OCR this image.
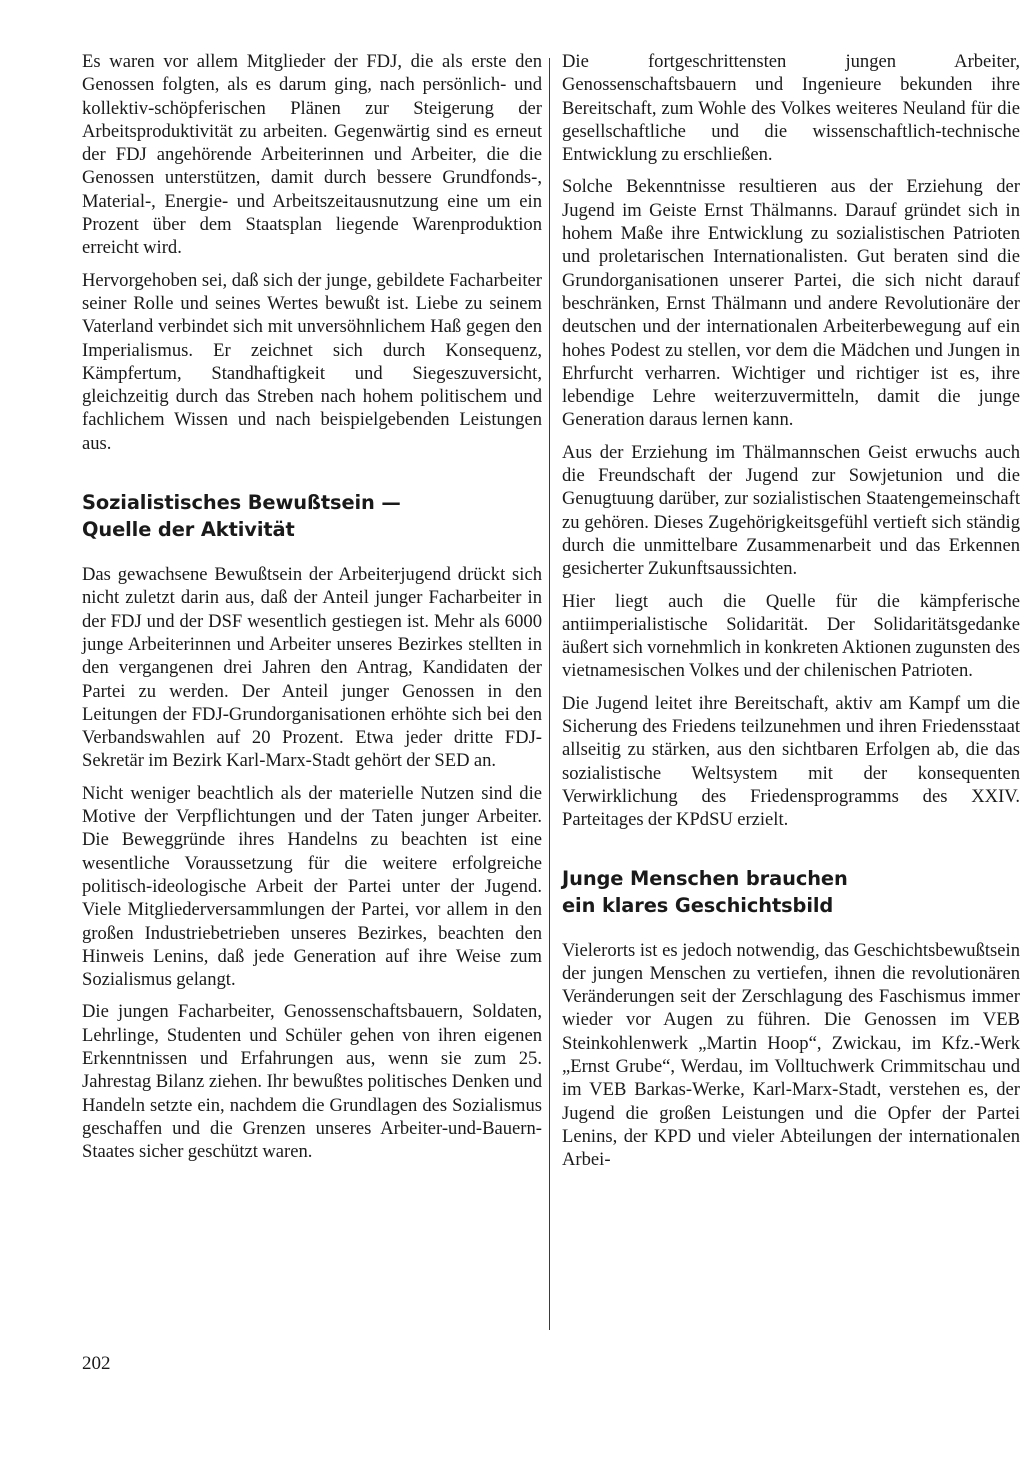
Es waren vor allem Mitglieder der FDJ, die als erste den Genossen folgten, als es darum ging, nach persönlich- und kollektiv-schöpferischen Plänen zur Steigerung der Arbeitsproduktivität zu arbeiten. Gegenwärtig sind es erneut der FDJ angehörende Arbeiterinnen und Arbeiter, die die Genossen unterstützen, damit durch bessere Grundfonds-, Material-, Energie- und Arbeitszeitausnutzung eine um ein Prozent über dem Staatsplan liegende Warenproduktion erreicht wird.

Hervorgehoben sei, daß sich der junge, gebildete Facharbeiter seiner Rolle und seines Wertes bewußt ist. Liebe zu seinem Vaterland verbindet sich mit unversöhnlichem Haß gegen den Imperialismus. Er zeichnet sich durch Konsequenz, Kämpfertum, Standhaftigkeit und Siegeszuversicht, gleichzeitig durch das Streben nach hohem politischem und fachlichem Wissen und nach beispielgebenden Leistungen aus.

Sozialistisches Bewußtsein —
Quelle der Aktivität

Das gewachsene Bewußtsein der Arbeiterjugend drückt sich nicht zuletzt darin aus, daß der Anteil junger Facharbeiter in der FDJ und der DSF wesentlich gestiegen ist. Mehr als 6000 junge Arbeiterinnen und Arbeiter unseres Bezirkes stellten in den vergangenen drei Jahren den Antrag, Kandidaten der Partei zu werden. Der Anteil junger Genossen in den Leitungen der FDJ-Grundorganisationen erhöhte sich bei den Verbandswahlen auf 20 Prozent. Etwa jeder dritte FDJ-Sekretär im Bezirk Karl-Marx-Stadt gehört der SED an.

Nicht weniger beachtlich als der materielle Nutzen sind die Motive der Verpflichtungen und der Taten junger Arbeiter. Die Beweggründe ihres Handelns zu beachten ist eine wesentliche Voraussetzung für die weitere erfolgreiche politisch-ideologische Arbeit der Partei unter der Jugend. Viele Mitgliederversammlungen der Partei, vor allem in den großen Industriebetrieben unseres Bezirkes, beachten den Hinweis Lenins, daß jede Generation auf ihre Weise zum Sozialismus gelangt.

Die jungen Facharbeiter, Genossenschaftsbauern, Soldaten, Lehrlinge, Studenten und Schüler gehen von ihren eigenen Erkenntnissen und Erfahrungen aus, wenn sie zum 25. Jahrestag Bilanz ziehen. Ihr bewußtes politisches Denken und Handeln setzte ein, nachdem die Grundlagen des Sozialismus geschaffen und die Grenzen unseres Arbeiter-und-Bauern-Staates sicher geschützt waren.

Die fortgeschrittensten jungen Arbeiter, Genossenschaftsbauern und Ingenieure bekunden ihre Bereitschaft, zum Wohle des Volkes weiteres Neuland für die gesellschaftliche und die wissenschaftlich-technische Entwicklung zu erschließen.

Solche Bekenntnisse resultieren aus der Erziehung der Jugend im Geiste Ernst Thälmanns. Darauf gründet sich in hohem Maße ihre Entwicklung zu sozialistischen Patrioten und proletarischen Internationalisten. Gut beraten sind die Grundorganisationen unserer Partei, die sich nicht darauf beschränken, Ernst Thälmann und andere Revolutionäre der deutschen und der internationalen Arbeiterbewegung auf ein hohes Podest zu stellen, vor dem die Mädchen und Jungen in Ehrfurcht verharren. Wichtiger und richtiger ist es, ihre lebendige Lehre weiterzuvermitteln, damit die junge Generation daraus lernen kann.

Aus der Erziehung im Thälmannschen Geist erwuchs auch die Freundschaft der Jugend zur Sowjetunion und die Genugtuung darüber, zur sozialistischen Staatengemeinschaft zu gehören. Dieses Zugehörigkeitsgefühl vertieft sich ständig durch die unmittelbare Zusammenarbeit und das Erkennen gesicherter Zukunftsaussichten.

Hier liegt auch die Quelle für die kämpferische antiimperialistische Solidarität. Der Solidaritätsgedanke äußert sich vornehmlich in konkreten Aktionen zugunsten des vietnamesischen Volkes und der chilenischen Patrioten.

Die Jugend leitet ihre Bereitschaft, aktiv am Kampf um die Sicherung des Friedens teilzunehmen und ihren Friedensstaat allseitig zu stärken, aus den sichtbaren Erfolgen ab, die das sozialistische Weltsystem mit der konsequenten Verwirklichung des Friedensprogramms des XXIV. Parteitages der KPdSU erzielt.

Junge Menschen brauchen
ein klares Geschichtsbild

Vielerorts ist es jedoch notwendig, das Geschichtsbewußtsein der jungen Menschen zu vertiefen, ihnen die revolutionären Veränderungen seit der Zerschlagung des Faschismus immer wieder vor Augen zu führen. Die Genossen im VEB Steinkohlenwerk „Martin Hoop“, Zwickau, im Kfz.-Werk „Ernst Grube“, Werdau, im Volltuchwerk Crimmitschau und im VEB Barkas-Werke, Karl-Marx-Stadt, verstehen es, der Jugend die großen Leistungen und die Opfer der Partei Lenins, der KPD und vieler Abteilungen der internationalen Arbei-

202
